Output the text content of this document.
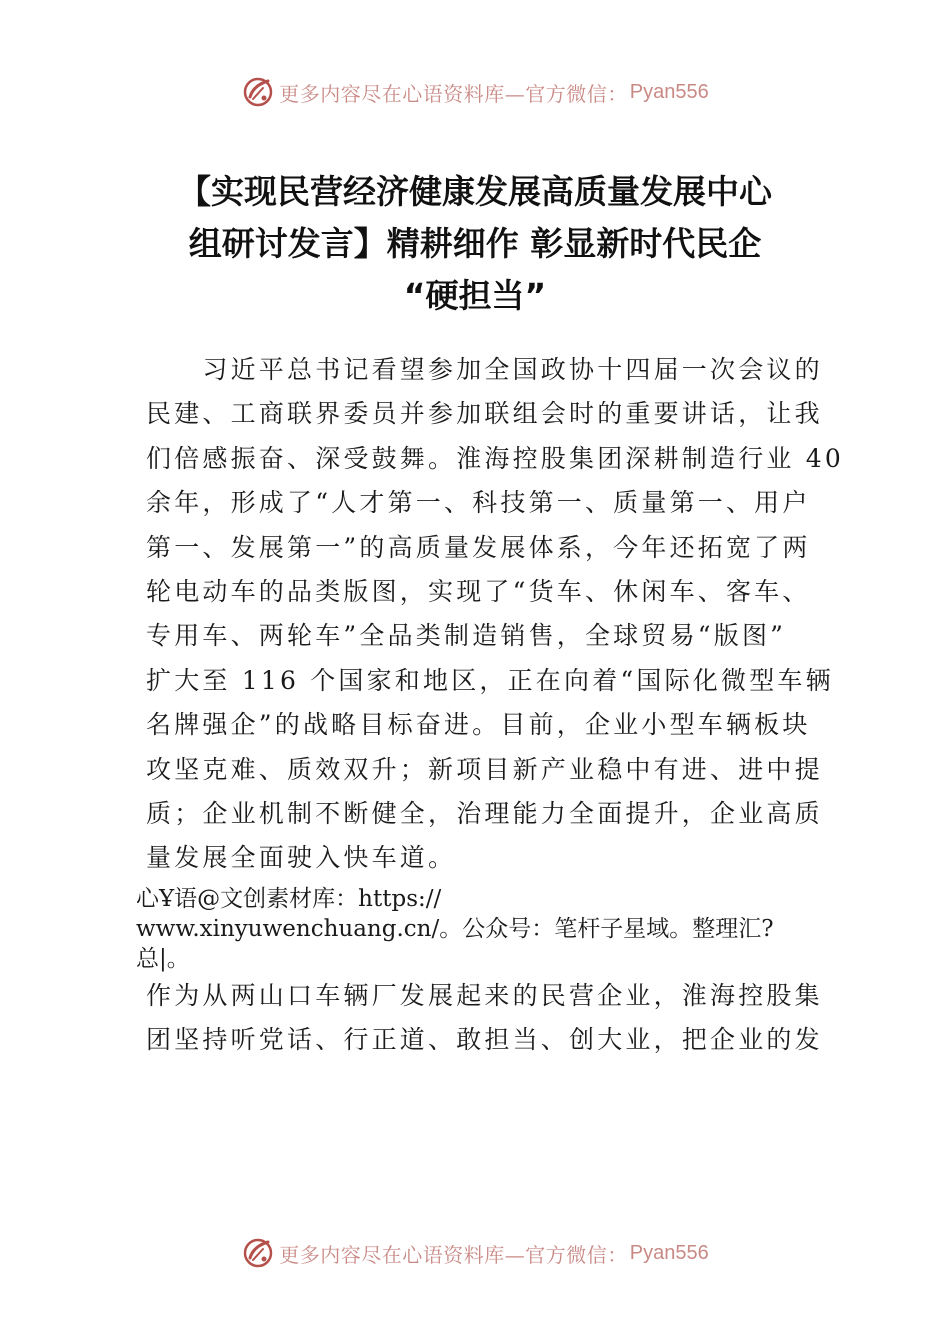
更多内容尽在心语资料库—官方微信： Pyan556
【实现民营经济健康发展高质量发展中心
组研讨发言】精耕细作 彰显新时代民企
“硬担当”
　　习近平总书记看望参加全国政协十四届一次会议的
民建、工商联界委员并参加联组会时的重要讲话，让我
们倍感振奋、深受鼓舞。淮海控股集团深耕制造行业 40
余年，形成了“人才第一、科技第一、质量第一、用户
第一、发展第一”的高质量发展体系，今年还拓宽了两
轮电动车的品类版图，实现了“货车、休闲车、客车、
专用车、两轮车”全品类制造销售，全球贸易“版图”
扩大至 116 个国家和地区，正在向着“国际化微型车辆
名牌强企”的战略目标奋进。目前，企业小型车辆板块
攻坚克难、质效双升；新项目新产业稳中有进、进中提
质；企业机制不断健全，治理能力全面提升，企业高质
量发展全面驶入快车道。
心Ұ语@文创素材库：https://
www.xinyuwenchuang.cn/。公众号：笔杆子星域。整理汇?
总|。
作为从两山口车辆厂发展起来的民营企业，淮海控股集
团坚持听党话、行正道、敢担当、创大业，把企业的发
更多内容尽在心语资料库—官方微信： Pyan556
